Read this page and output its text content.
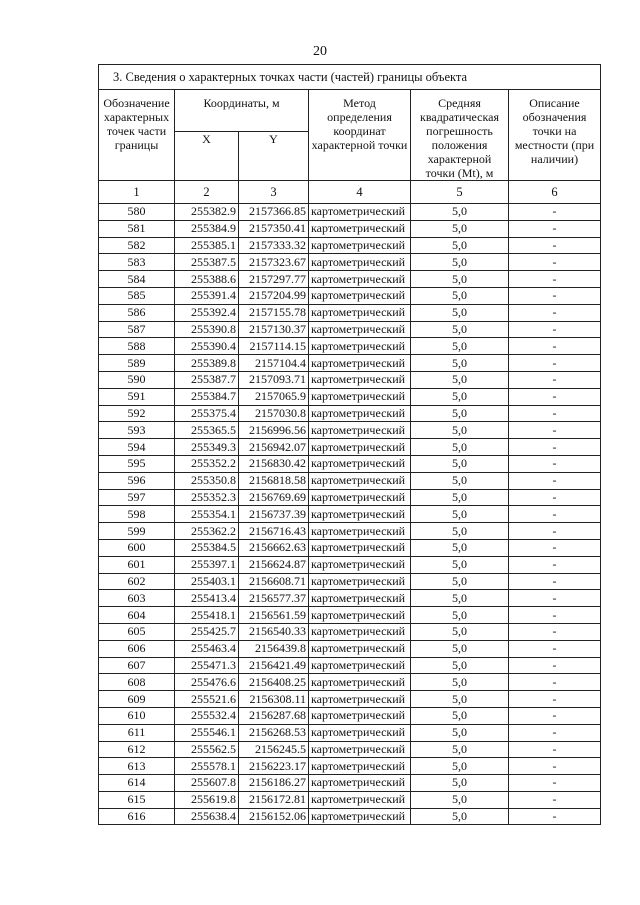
20
3. Сведения о характерных точках части (частей) границы объекта					
Обозначение характерных точек части границы	Координаты, м		Метод определения координат характерной точки	Средняя квадратическая погрешность положения характерной точки (Mt), м	Описание обозначения точки на местности (при наличии)
	X	Y			
1	2	3	4	5	6
580	255382.9	2157366.85	картометрический	5,0	-
581	255384.9	2157350.41	картометрический	5,0	-
582	255385.1	2157333.32	картометрический	5,0	-
583	255387.5	2157323.67	картометрический	5,0	-
584	255388.6	2157297.77	картометрический	5,0	-
585	255391.4	2157204.99	картометрический	5,0	-
586	255392.4	2157155.78	картометрический	5,0	-
587	255390.8	2157130.37	картометрический	5,0	-
588	255390.4	2157114.15	картометрический	5,0	-
589	255389.8	2157104.4	картометрический	5,0	-
590	255387.7	2157093.71	картометрический	5,0	-
591	255384.7	2157065.9	картометрический	5,0	-
592	255375.4	2157030.8	картометрический	5,0	-
593	255365.5	2156996.56	картометрический	5,0	-
594	255349.3	2156942.07	картометрический	5,0	-
595	255352.2	2156830.42	картометрический	5,0	-
596	255350.8	2156818.58	картометрический	5,0	-
597	255352.3	2156769.69	картометрический	5,0	-
598	255354.1	2156737.39	картометрический	5,0	-
599	255362.2	2156716.43	картометрический	5,0	-
600	255384.5	2156662.63	картометрический	5,0	-
601	255397.1	2156624.87	картометрический	5,0	-
602	255403.1	2156608.71	картометрический	5,0	-
603	255413.4	2156577.37	картометрический	5,0	-
604	255418.1	2156561.59	картометрический	5,0	-
605	255425.7	2156540.33	картометрический	5,0	-
606	255463.4	2156439.8	картометрический	5,0	-
607	255471.3	2156421.49	картометрический	5,0	-
608	255476.6	2156408.25	картометрический	5,0	-
609	255521.6	2156308.11	картометрический	5,0	-
610	255532.4	2156287.68	картометрический	5,0	-
611	255546.1	2156268.53	картометрический	5,0	-
612	255562.5	2156245.5	картометрический	5,0	-
613	255578.1	2156223.17	картометрический	5,0	-
614	255607.8	2156186.27	картометрический	5,0	-
615	255619.8	2156172.81	картометрический	5,0	-
616	255638.4	2156152.06	картометрический	5,0	-
